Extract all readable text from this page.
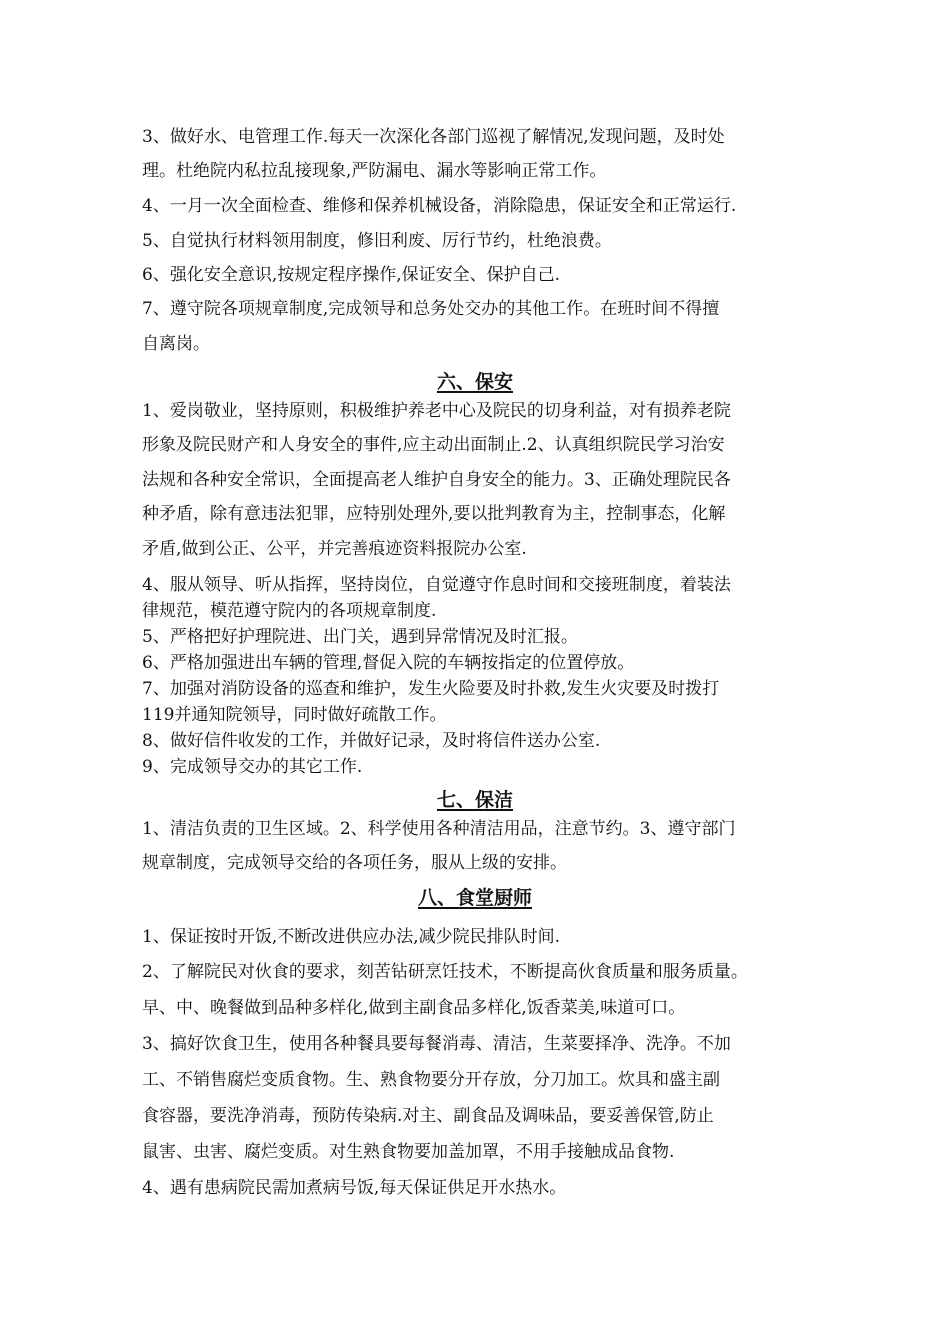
3、做好水、电管理工作.每天一次深化各部门巡视了解情况,发现问题，及时处
理。杜绝院内私拉乱接现象,严防漏电、漏水等影响正常工作。
4、一月一次全面检查、维修和保养机械设备，消除隐患，保证安全和正常运行.
5、自觉执行材料领用制度，修旧利废、厉行节约，杜绝浪费。
6、强化安全意识,按规定程序操作,保证安全、保护自己.
7、遵守院各项规章制度,完成领导和总务处交办的其他工作。在班时间不得擅
自离岗。
六、保安
1、爱岗敬业，坚持原则，积极维护养老中心及院民的切身利益，对有损养老院
形象及院民财产和人身安全的事件,应主动出面制止.2、认真组织院民学习治安
法规和各种安全常识，全面提高老人维护自身安全的能力。3、正确处理院民各
种矛盾，除有意违法犯罪，应特别处理外,要以批判教育为主，控制事态，化解
矛盾,做到公正、公平，并完善痕迹资料报院办公室.
4、服从领导、听从指挥，坚持岗位，自觉遵守作息时间和交接班制度，着装法
律规范，模范遵守院内的各项规章制度.
5、严格把好护理院进、出门关，遇到异常情况及时汇报。
6、严格加强进出车辆的管理,督促入院的车辆按指定的位置停放。
7、加强对消防设备的巡查和维护，发生火险要及时扑救,发生火灾要及时拨打
119并通知院领导，同时做好疏散工作。
8、做好信件收发的工作，并做好记录，及时将信件送办公室.
9、完成领导交办的其它工作.
七、保洁
1、清洁负责的卫生区域。2、科学使用各种清洁用品，注意节约。3、遵守部门
规章制度，完成领导交给的各项任务，服从上级的安排。
八、食堂厨师
1、保证按时开饭,不断改进供应办法,减少院民排队时间.
2、了解院民对伙食的要求，刻苦钻研烹饪技术，不断提高伙食质量和服务质量。
早、中、晚餐做到品种多样化,做到主副食品多样化,饭香菜美,味道可口。
3、搞好饮食卫生，使用各种餐具要每餐消毒、清洁，生菜要择净、洗净。不加
工、不销售腐烂变质食物。生、熟食物要分开存放，分刀加工。炊具和盛主副
食容器，要洗净消毒，预防传染病.对主、副食品及调味品，要妥善保管,防止
鼠害、虫害、腐烂变质。对生熟食物要加盖加罩，不用手接触成品食物.
4、遇有患病院民需加煮病号饭,每天保证供足开水热水。
